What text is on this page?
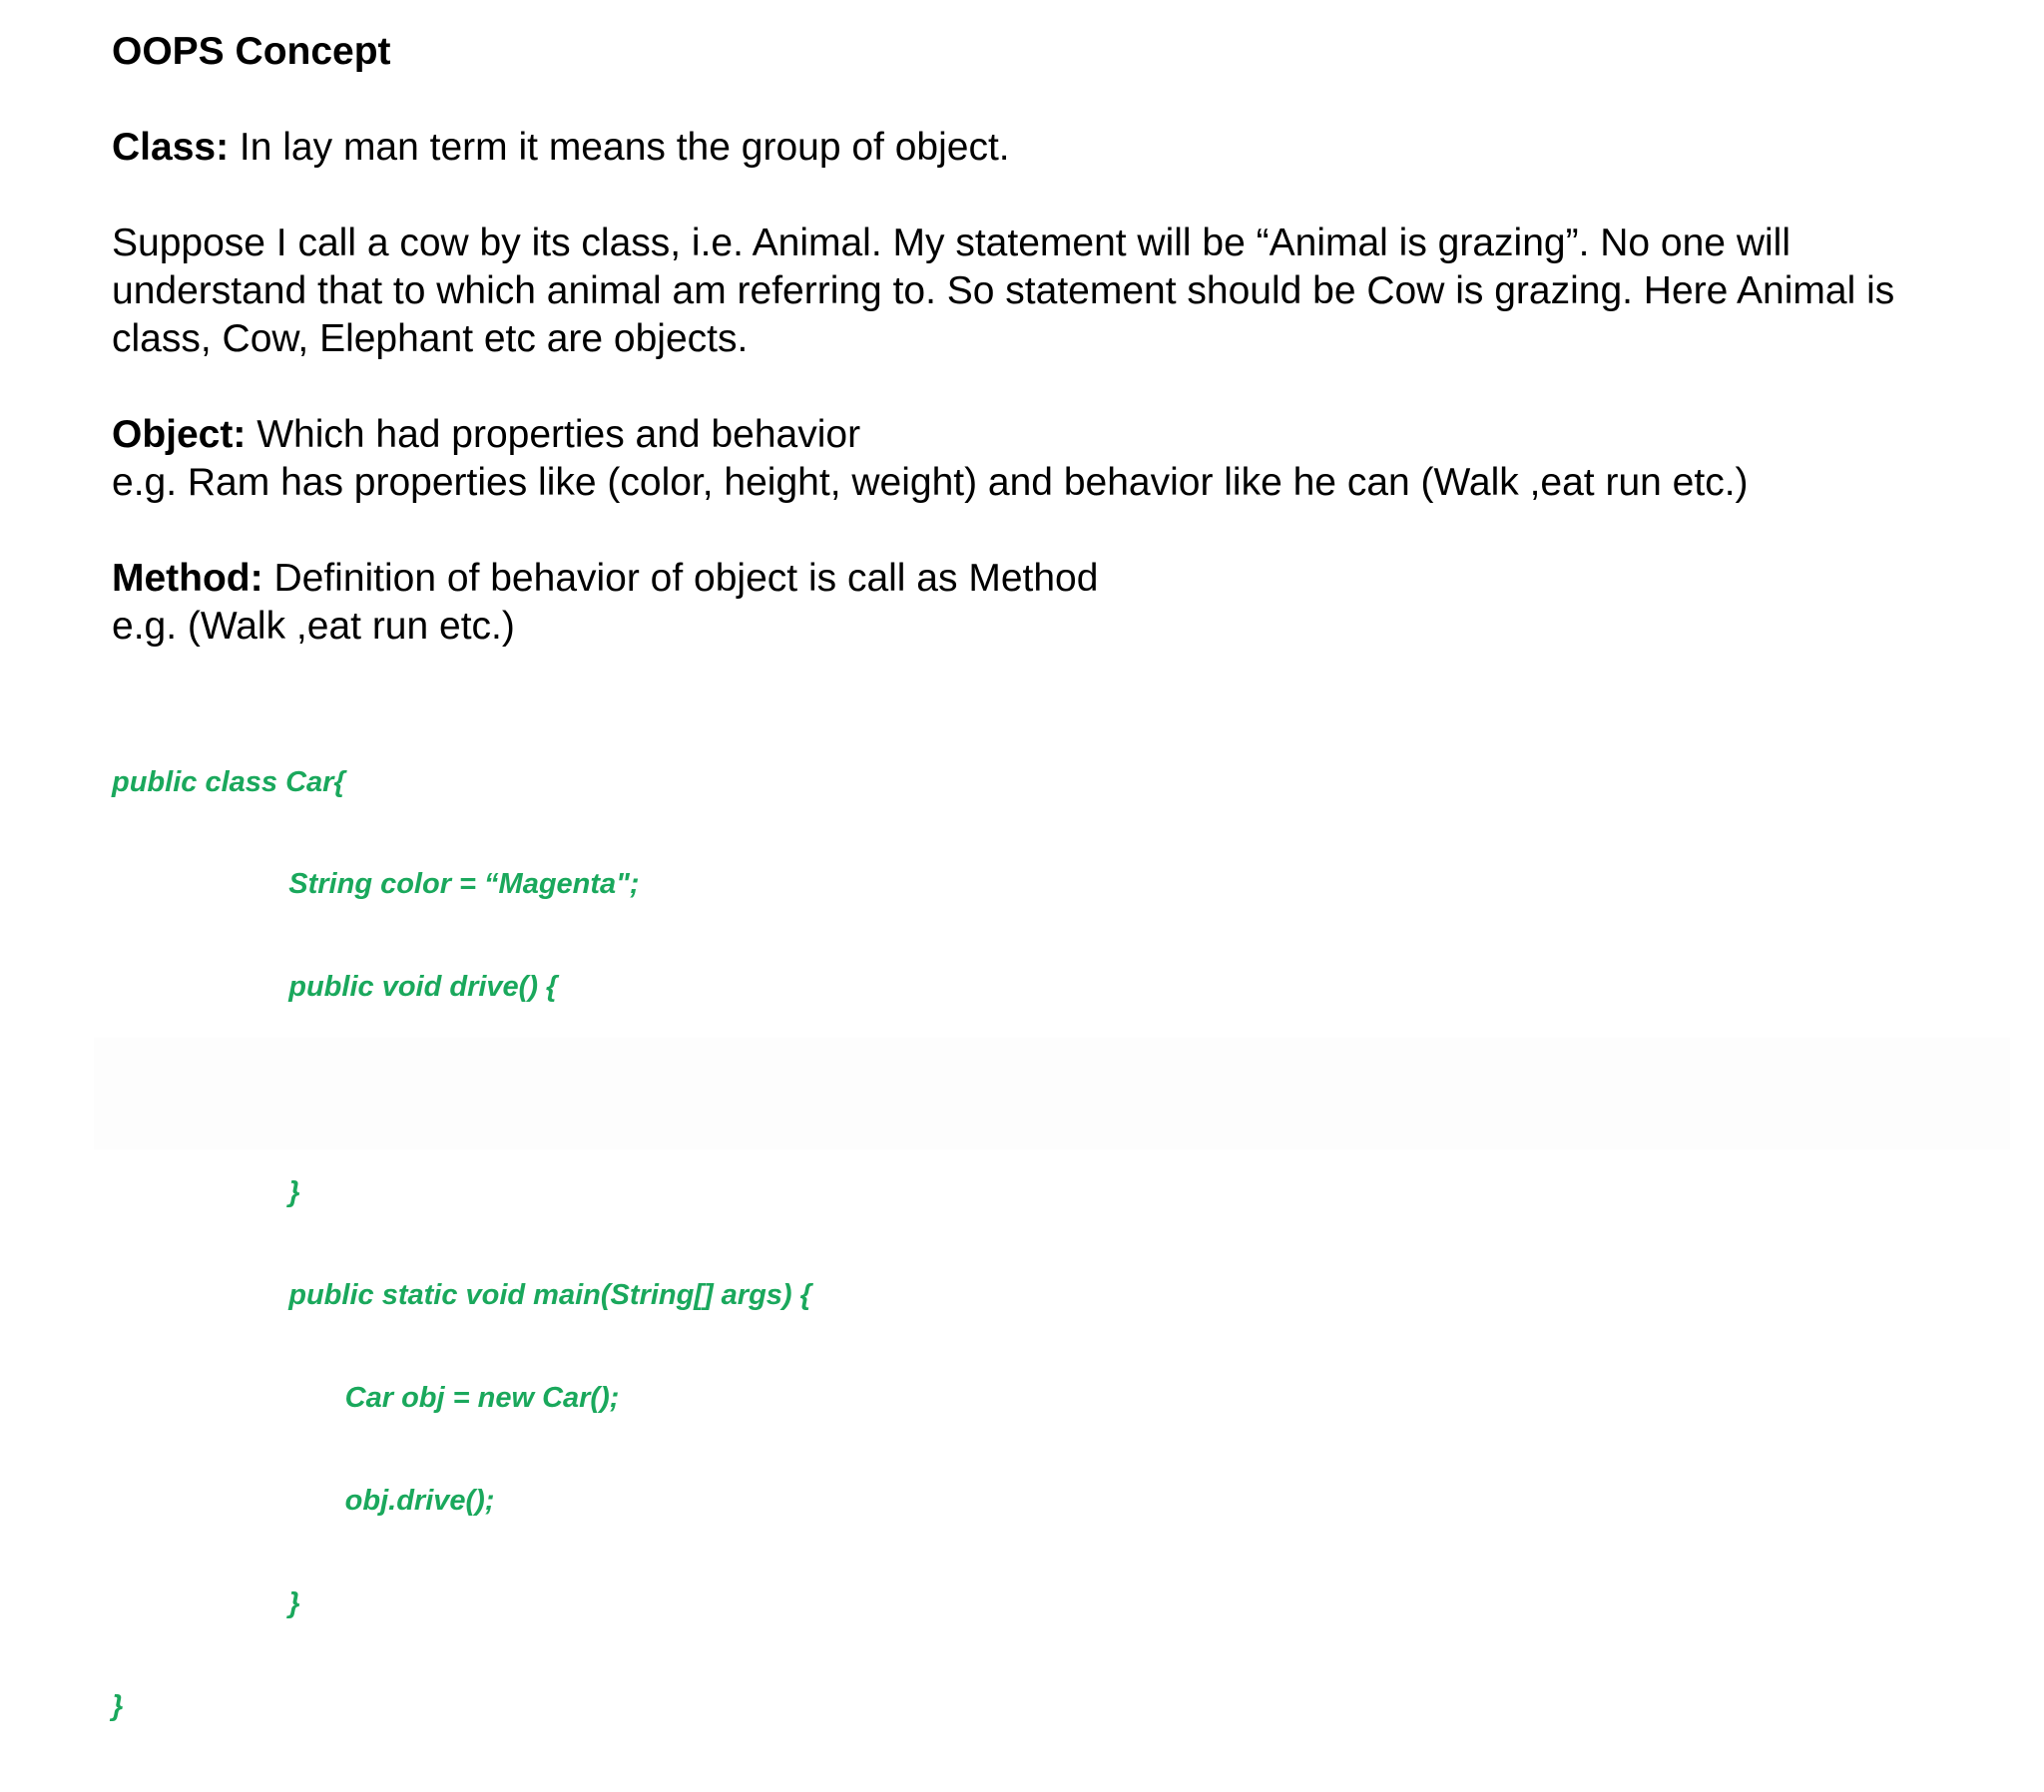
OOPS Concept
Class: In lay man term it means the group of object.
Suppose I call a cow by its class, i.e. Animal. My statement will be “Animal is grazing”. No one will
understand that to which animal am referring to. So statement should be Cow is grazing. Here Animal is
class, Cow, Elephant etc are objects.
Object: Which had properties and behavior
e.g. Ram has properties like (color, height, weight) and behavior like he can (Walk ,eat run etc.)
Method: Definition of behavior of object is call as Method
e.g. (Walk ,eat run etc.)

public class Car{

String color = “Magenta";

public void drive() {

}

public static void main(String[] args) {

Car obj = new Car();

obj.drive();

}

}
